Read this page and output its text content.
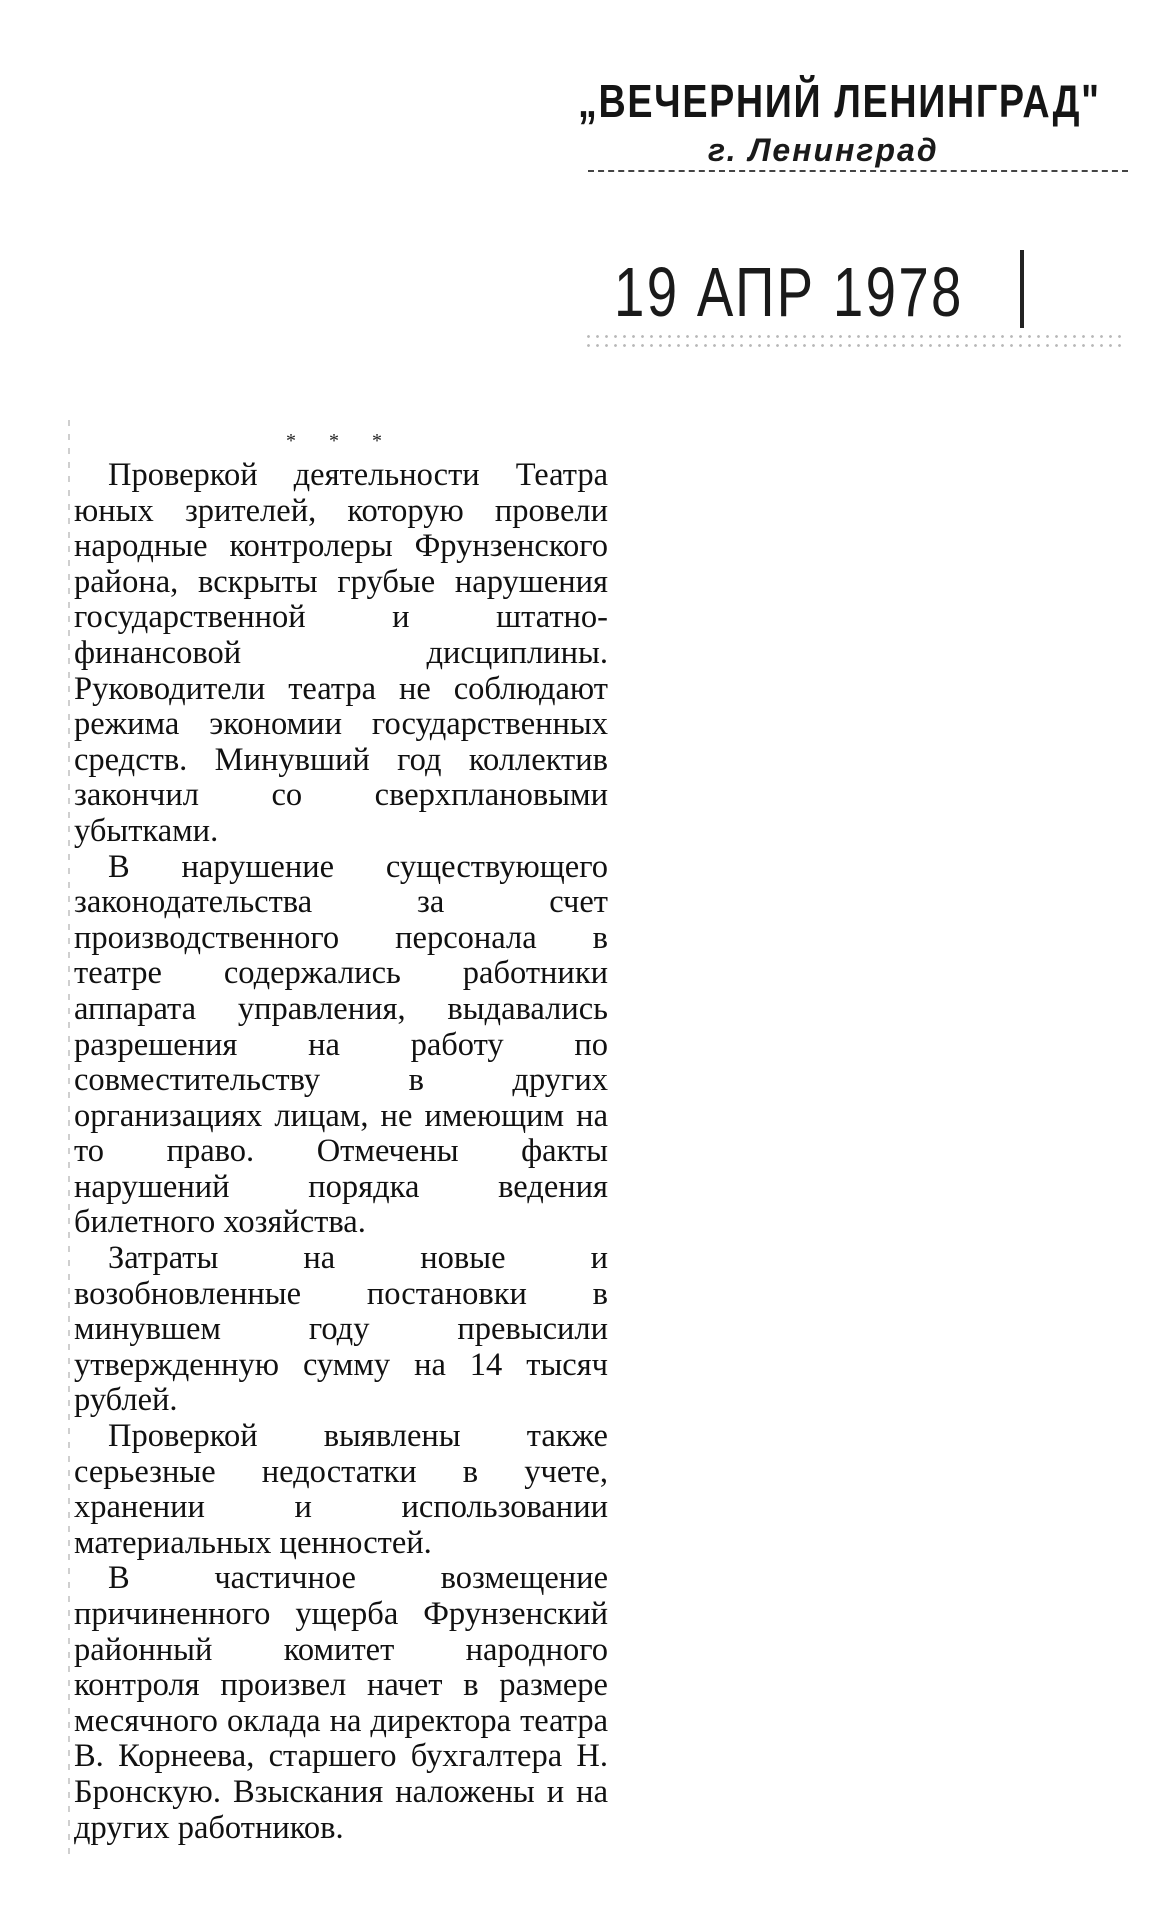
„ВЕЧЕРНИЙ ЛЕНИНГРАД"
г. Ленинград
19 АПР 1978
* * *

Проверкой деятельности Театра юных зрителей, которую провели народные контролеры Фрунзенского района, вскрыты грубые нарушения государственной и штатно-финансовой дисциплины. Руководители театра не соблюдают режима экономии государственных средств. Минувший год коллектив закончил со сверхплановыми убытками.

В нарушение существующего законодательства за счет производственного персонала в театре содержались работники аппарата управления, выдавались разрешения на работу по совместительству в других организациях лицам, не имеющим на то право. Отмечены факты нарушений порядка ведения билетного хозяйства.

Затраты на новые и возобновленные постановки в минувшем году превысили утвержденную сумму на 14 тысяч рублей.

Проверкой выявлены также серьезные недостатки в учете, хранении и использовании материальных ценностей.

В частичное возмещение причиненного ущерба Фрунзенский районный комитет народного контроля произвел начет в размере месячного оклада на директора театра В. Корнеева, старшего бухгалтера Н. Бронскую. Взыскания наложены и на других работников.
